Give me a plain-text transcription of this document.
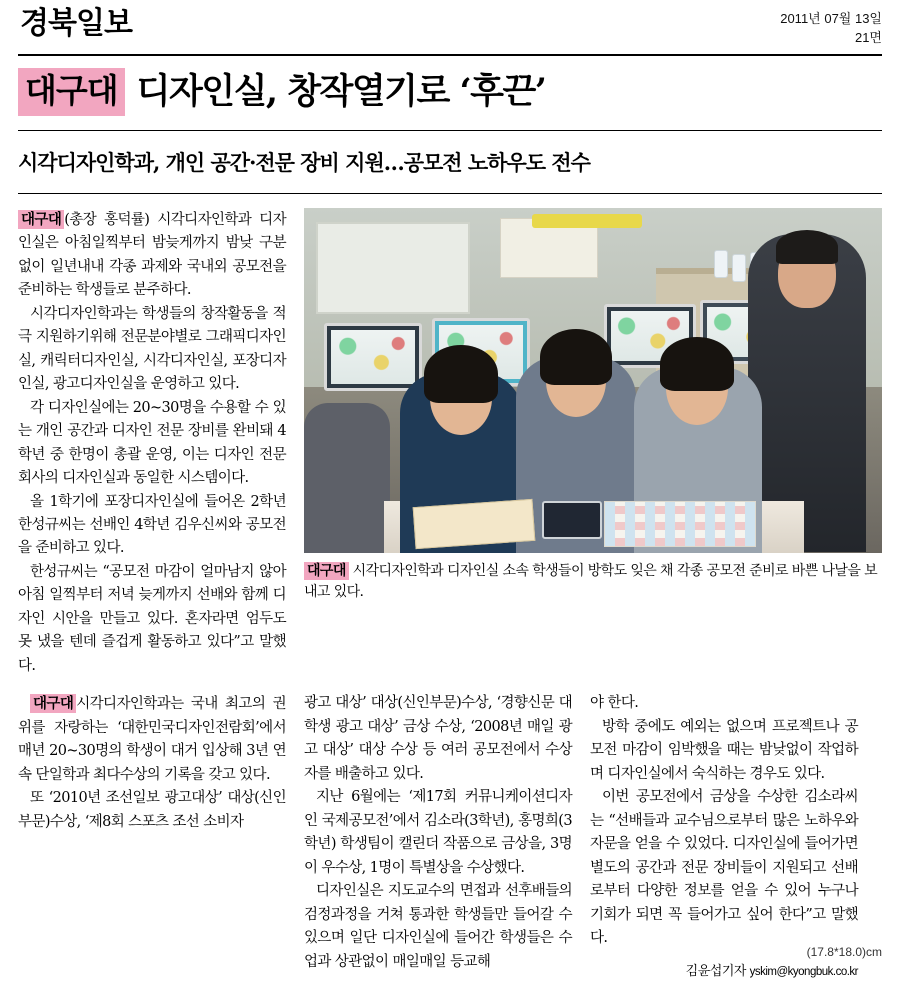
경북일보	2011년 07월 13일
21면
대구대 디자인실, 창작열기로 ‘후끈’
시각디자인학과, 개인 공간·전문 장비 지원…공모전 노하우도 전수

대구대 (총장 홍덕률) 시각디자인학과 디자인실은 아침일찍부터 밤늦게까지 밤낮 구분 없이 일년내내 각종 과제와 국내외 공모전을 준비하는 학생들로 분주하다.

시각디자인학과는 학생들의 창작활동을 적극 지원하기위해 전문분야별로 그래픽디자인실, 캐릭터디자인실, 시각디자인실, 포장디자인실, 광고디자인실을 운영하고 있다.

각 디자인실에는 20~30명을 수용할 수 있는 개인 공간과 디자인 전문 장비를 완비돼 4학년 중 한명이 총괄 운영, 이는 디자인 전문회사의 디자인실과 동일한 시스템이다.

올 1학기에 포장디자인실에 들어온 2학년 한성규씨는 선배인 4학년 김우신씨와 공모전을 준비하고 있다.

한성규씨는 “공모전 마감이 얼마남지 않아 아침 일찍부터 저녁 늦게까지 선배와 함께 디자인 시안을 만들고 있다. 혼자라면 엄두도 못 냈을 텐데 즐겁게 활동하고 있다”고 말했다.

대구대 시각디자인학과 디자인실 소속 학생들이 방학도 잊은 채 각종 공모전 준비로 바쁜 나날을 보내고 있다.

대구대 시각디자인학과는 국내 최고의 권위를 자랑하는 ‘대한민국디자인전람회’에서 매년 20~30명의 학생이 대거 입상해 3년 연속 단일학과 최다수상의 기록을 갖고 있다.

또 ‘2010년 조선일보 광고대상’ 대상(신인부문)수상, ‘제8회 스포츠 조선 소비자

광고 대상’ 대상(신인부문)수상, ‘경향신문 대학생 광고 대상’ 금상 수상, ‘2008년 매일 광고 대상’ 대상 수상 등 여러 공모전에서 수상자를 배출하고 있다.

지난 6월에는 ‘제17회 커뮤니케이션디자인 국제공모전’에서 김소라(3학년), 홍명희(3학년) 학생팀이 캘린더 작품으로 금상을, 3명이 우수상, 1명이 특별상을 수상했다.

디자인실은 지도교수의 면접과 선후배들의 검정과정을 거쳐 통과한 학생들만 들어갈 수 있으며 일단 디자인실에 들어간 학생들은 수업과 상관없이 매일매일 등교해

야 한다.

방학 중에도 예외는 없으며 프로젝트나 공모전 마감이 임박했을 때는 밤낮없이 작업하며 디자인실에서 숙식하는 경우도 있다.

이번 공모전에서 금상을 수상한 김소라씨는 “선배들과 교수님으로부터 많은 노하우와 자문을 얻을 수 있었다. 디자인실에 들어가면 별도의 공간과 전문 장비들이 지원되고 선배로부터 다양한 정보를 얻을 수 있어 누구나 기회가 되면 꼭 들어가고 싶어 한다”고 말했다.

김윤섭기자 yskim@kyongbuk.co.kr
(17.8*18.0)cm
